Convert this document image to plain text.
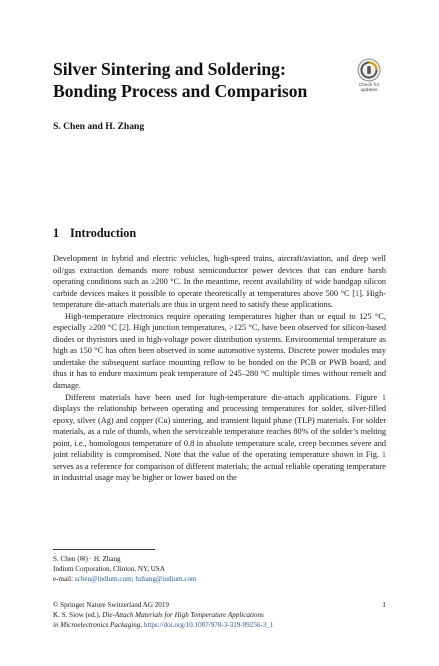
Silver Sintering and Soldering: Bonding Process and Comparison	Check for
updates
S. Chen and H. Zhang
1 Introduction

Development in hybrid and electric vehicles, high-speed trains, aircraft/aviation, and deep well oil/gas extraction demands more robust semiconductor power devices that can endure harsh operating conditions such as ≥200 °C. In the meantime, recent availability of wide bandgap silicon carbide devices makes it possible to operate theoretically at temperatures above 500 °C [1]. High-temperature die-attach materials are thus in urgent need to satisfy these applications.

High-temperature electronics require operating temperatures higher than or equal to 125 °C, especially ≥200 °C [2]. High junction temperatures, >125 °C, have been observed for silicon-based diodes or thyristors used in high-voltage power distribution systems. Environmental temperature as high as 150 °C has often been observed in some automotive systems. Discrete power modules may undertake the subsequent surface mounting reflow to be bonded on the PCB or PWB board, and thus it has to endure maximum peak temperature of 245–280 °C multiple times without remelt and damage.

Different materials have been used for high-temperature die-attach applications. Figure 1 displays the relationship between operating and processing temperatures for solder, silver-filled epoxy, silver (Ag) and copper (Cu) sintering, and transient liquid phase (TLP) materials. For solder materials, as a rule of thumb, when the serviceable temperature reaches 80% of the solder’s melting point, i.e., homologous temperature of 0.8 in absolute temperature scale, creep becomes severe and joint reliability is compromised. Note that the value of the operating temperature shown in Fig. 1 serves as a reference for comparison of different materials; the actual reliable operating temperature in industrial usage may be higher or lower based on the

S. Chen (✉) · H. Zhang
Indium Corporation, Clinton, NY, USA
e-mail: schen@indium.com; hzhang@indium.com
© Springer Nature Switzerland AG 2019
K. S. Siow (ed.), Die-Attach Materials for High Temperature Applications
in Microelectronics Packaging, https://doi.org/10.1007/978-3-319-99256-3_1
1
